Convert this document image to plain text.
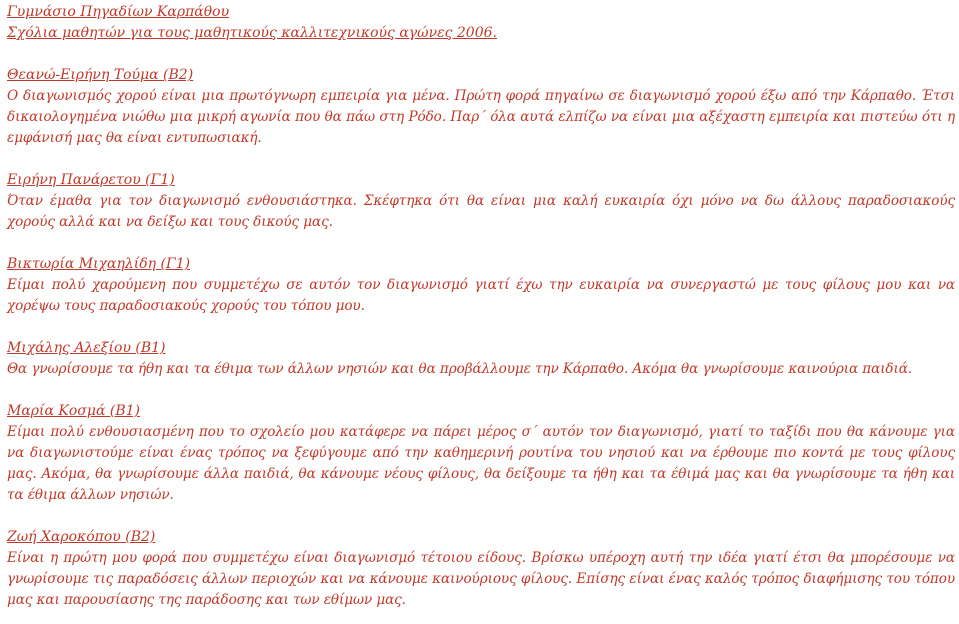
Γυμνάσιο Πηγαδίων Καρπάθου
Σχόλια μαθητών για τους μαθητικούς καλλιτεχνικούς αγώνες 2006.
Θεανώ-Ειρήνη Τούμα (Β2)
Ο διαγωνισμός χορού είναι μια πρωτόγνωρη εμπειρία για μένα. Πρώτη φορά πηγαίνω σε διαγωνισμό χορού έξω από την Κάρπαθο. Έτσι δικαιολογημένα νιώθω μια μικρή αγωνία που θα πάω στη Ρόδο. Παρ΄ όλα αυτά ελπίζω να είναι μια αξέχαστη εμπειρία και πιστεύω ότι η εμφάνισή μας θα είναι εντυπωσιακή.
Ειρήνη Πανάρετου (Γ1)
Όταν έμαθα για τον διαγωνισμό ενθουσιάστηκα. Σκέφτηκα ότι θα είναι μια καλή ευκαιρία όχι μόνο να δω άλλους παραδοσιακούς χορούς αλλά και να δείξω και τους δικούς μας.
Βικτωρία Μιχαηλίδη (Γ1)
Είμαι πολύ χαρούμενη που συμμετέχω σε αυτόν τον διαγωνισμό γιατί έχω την ευκαιρία να συνεργαστώ με τους φίλους μου και να χορέψω τους παραδοσιακούς χορούς του τόπου μου.
Μιχάλης Αλεξίου (Β1)
Θα γνωρίσουμε τα ήθη και τα έθιμα των άλλων νησιών και θα προβάλλουμε την Κάρπαθο. Ακόμα θα γνωρίσουμε καινούρια παιδιά.
Μαρία Κοσμά (Β1)
Είμαι πολύ ενθουσιασμένη που το σχολείο μου κατάφερε να πάρει μέρος σ΄ αυτόν τον διαγωνισμό, γιατί το ταξίδι που θα κάνουμε για να διαγωνιστούμε είναι ένας τρόπος να ξεφύγουμε από την καθημερινή ρουτίνα του νησιού και να έρθουμε πιο κοντά με τους φίλους μας. Ακόμα, θα γνωρίσουμε άλλα παιδιά, θα κάνουμε νέους φίλους, θα δείξουμε τα ήθη και τα έθιμά μας και θα γνωρίσουμε τα ήθη και τα έθιμα άλλων νησιών.
Ζωή Χαροκόπου (Β2)
Είναι η πρώτη μου φορά που συμμετέχω είναι διαγωνισμό τέτοιου είδους. Βρίσκω υπέροχη αυτή την ιδέα γιατί έτσι θα μπορέσουμε να γνωρίσουμε τις παραδόσεις άλλων περιοχών και να κάνουμε καινούριους φίλους. Επίσης είναι ένας καλός τρόπος διαφήμισης του τόπου μας και παρουσίασης της παράδοσης και των εθίμων μας.
